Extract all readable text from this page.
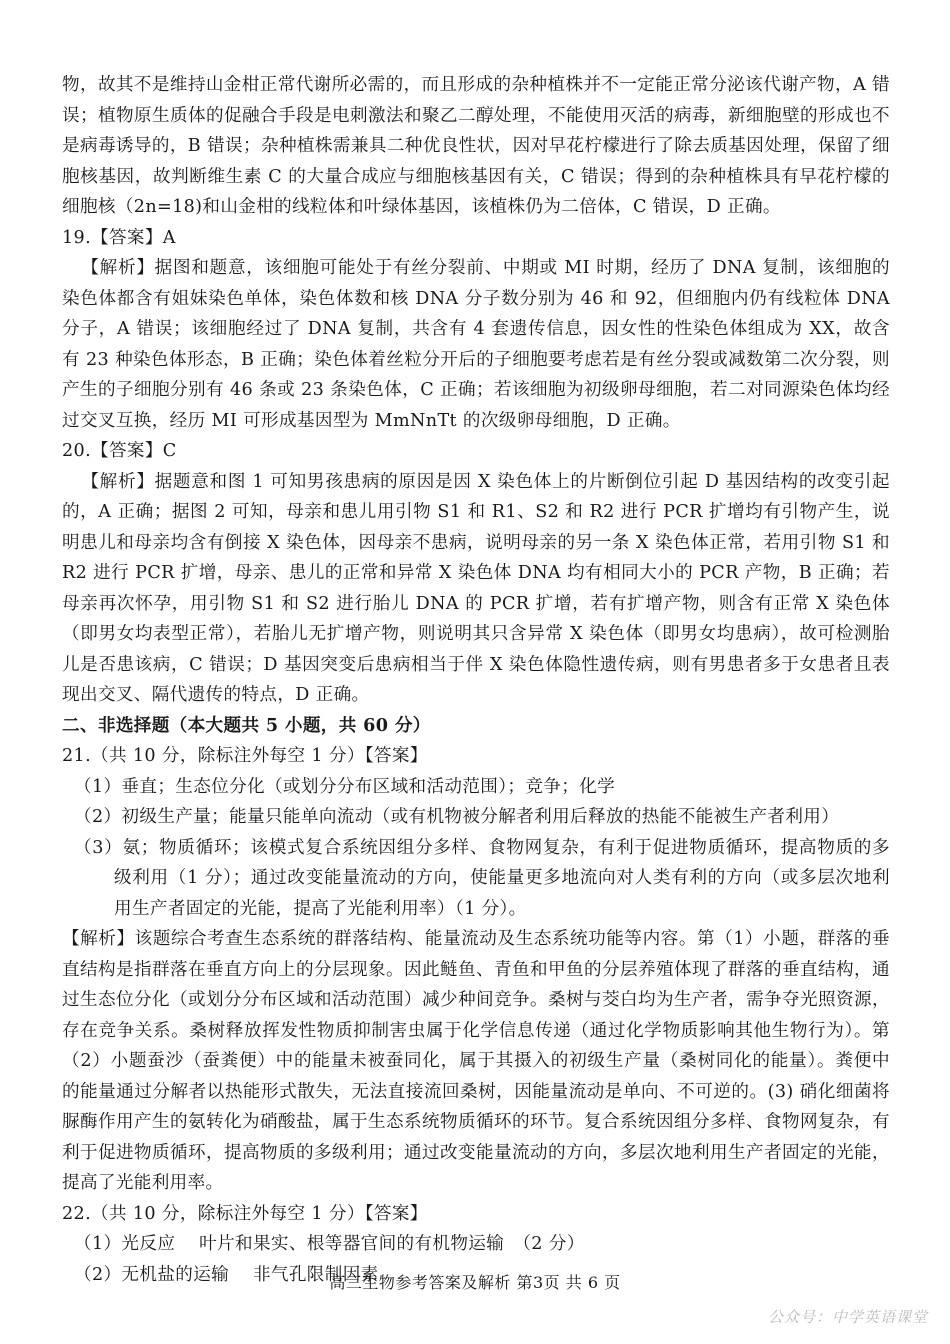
物，故其不是维持山金柑正常代谢所必需的，而且形成的杂种植株并不一定能正常分泌该代谢产物，A 错误；植物原生质体的促融合手段是电刺激法和聚乙二醇处理，不能使用灭活的病毒，新细胞壁的形成也不是病毒诱导的，B 错误；杂种植株需兼具二种优良性状，因对早花柠檬进行了除去质基因处理，保留了细胞核基因，故判断维生素 C 的大量合成应与细胞核基因有关，C 错误；得到的杂种植株具有早花柠檬的细胞核（2n=18)和山金柑的线粒体和叶绿体基因，该植株仍为二倍体，C 错误，D 正确。

19.【答案】A

【解析】据图和题意，该细胞可能处于有丝分裂前、中期或 MI 时期，经历了 DNA 复制，该细胞的染色体都含有姐妹染色单体，染色体数和核 DNA 分子数分别为 46 和 92，但细胞内仍有线粒体 DNA 分子，A 错误；该细胞经过了 DNA 复制，共含有 4 套遗传信息，因女性的性染色体组成为 XX，故含有 23 种染色体形态，B 正确；染色体着丝粒分开后的子细胞要考虑若是有丝分裂或减数第二次分裂，则产生的子细胞分别有 46 条或 23 条染色体，C 正确；若该细胞为初级卵母细胞，若二对同源染色体均经过交叉互换，经历 MI 可形成基因型为 MmNnTt 的次级卵母细胞，D 正确。

20.【答案】C

【解析】据题意和图 1 可知男孩患病的原因是因 X 染色体上的片断倒位引起 D 基因结构的改变引起的，A 正确；据图 2 可知，母亲和患儿用引物 S1 和 R1、S2 和 R2 进行 PCR 扩增均有引物产生，说明患儿和母亲均含有倒接 X 染色体，因母亲不患病，说明母亲的另一条 X 染色体正常，若用引物 S1 和 R2 进行 PCR 扩增，母亲、患儿的正常和异常 X 染色体 DNA 均有相同大小的 PCR 产物，B 正确；若母亲再次怀孕，用引物 S1 和 S2 进行胎儿 DNA 的 PCR 扩增，若有扩增产物，则含有正常 X 染色体（即男女均表型正常），若胎儿无扩增产物，则说明其只含异常 X 染色体（即男女均患病），故可检测胎儿是否患该病，C 错误；D 基因突变后患病相当于伴 X 染色体隐性遗传病，则有男患者多于女患者且表现出交叉、隔代遗传的特点，D 正确。

二、非选择题（本大题共 5 小题，共 60 分）

21.（共 10 分，除标注外每空 1 分）【答案】

（1）垂直；生态位分化（或划分分布区域和活动范围）；竞争；化学

（2）初级生产量；能量只能单向流动（或有机物被分解者利用后释放的热能不能被生产者利用）

（3）氨；物质循环；该模式复合系统因组分多样、食物网复杂，有利于促进物质循环，提高物质的多级利用（1 分）；通过改变能量流动的方向，使能量更多地流向对人类有利的方向（或多层次地利用生产者固定的光能，提高了光能利用率）（1 分）。

【解析】该题综合考查生态系统的群落结构、能量流动及生态系统功能等内容。第（1）小题，群落的垂直结构是指群落在垂直方向上的分层现象。因此鲢鱼、青鱼和甲鱼的分层养殖体现了群落的垂直结构，通过生态位分化（或划分分布区域和活动范围）减少种间竞争。桑树与茭白均为生产者，需争夺光照资源，存在竞争关系。桑树释放挥发性物质抑制害虫属于化学信息传递（通过化学物质影响其他生物行为）。第（2）小题蚕沙（蚕粪便）中的能量未被蚕同化，属于其摄入的初级生产量（桑树同化的能量）。粪便中的能量通过分解者以热能形式散失，无法直接流回桑树，因能量流动是单向、不可逆的。(3) 硝化细菌将脲酶作用产生的氨转化为硝酸盐，属于生态系统物质循环的环节。复合系统因组分多样、食物网复杂，有利于促进物质循环，提高物质的多级利用；通过改变能量流动的方向，多层次地利用生产者固定的光能，提高了光能利用率。

22.（共 10 分，除标注外每空 1 分）【答案】

（1）光反应　 叶片和果实、根等器官间的有机物运输　（2 分）

（2）无机盐的运输　 非气孔限制因素

高三生物参考答案及解析 第3页 共 6 页
公众号：中学英语课堂
